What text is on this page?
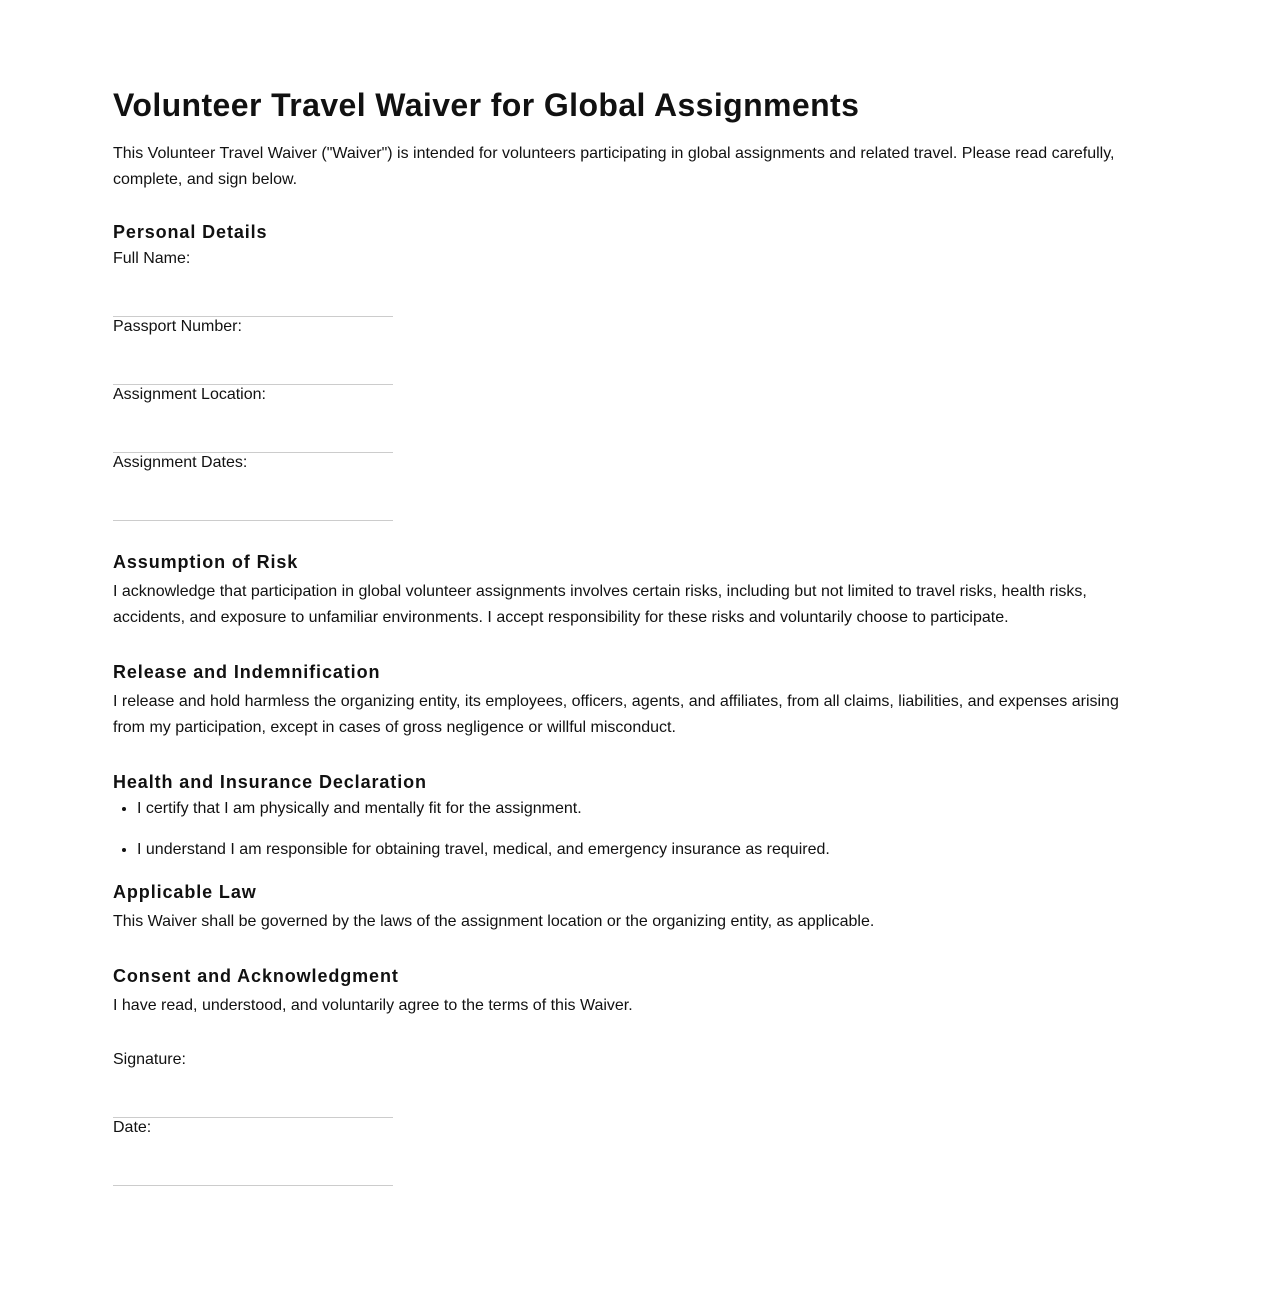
Volunteer Travel Waiver for Global Assignments

This Volunteer Travel Waiver ("Waiver") is intended for volunteers participating in global assignments and related travel. Please read carefully, complete, and sign below.

Personal Details
Full Name:
Passport Number:
Assignment Location:
Assignment Dates:
Assumption of Risk

I acknowledge that participation in global volunteer assignments involves certain risks, including but not limited to travel risks, health risks, accidents, and exposure to unfamiliar environments. I accept responsibility for these risks and voluntarily choose to participate.

Release and Indemnification

I release and hold harmless the organizing entity, its employees, officers, agents, and affiliates, from all claims, liabilities, and expenses arising from my participation, except in cases of gross negligence or willful misconduct.

Health and Insurance Declaration
• I certify that I am physically and mentally fit for the assignment.
• I understand I am responsible for obtaining travel, medical, and emergency insurance as required.
Applicable Law

This Waiver shall be governed by the laws of the assignment location or the organizing entity, as applicable.

Consent and Acknowledgment

I have read, understood, and voluntarily agree to the terms of this Waiver.

Signature:
Date:
